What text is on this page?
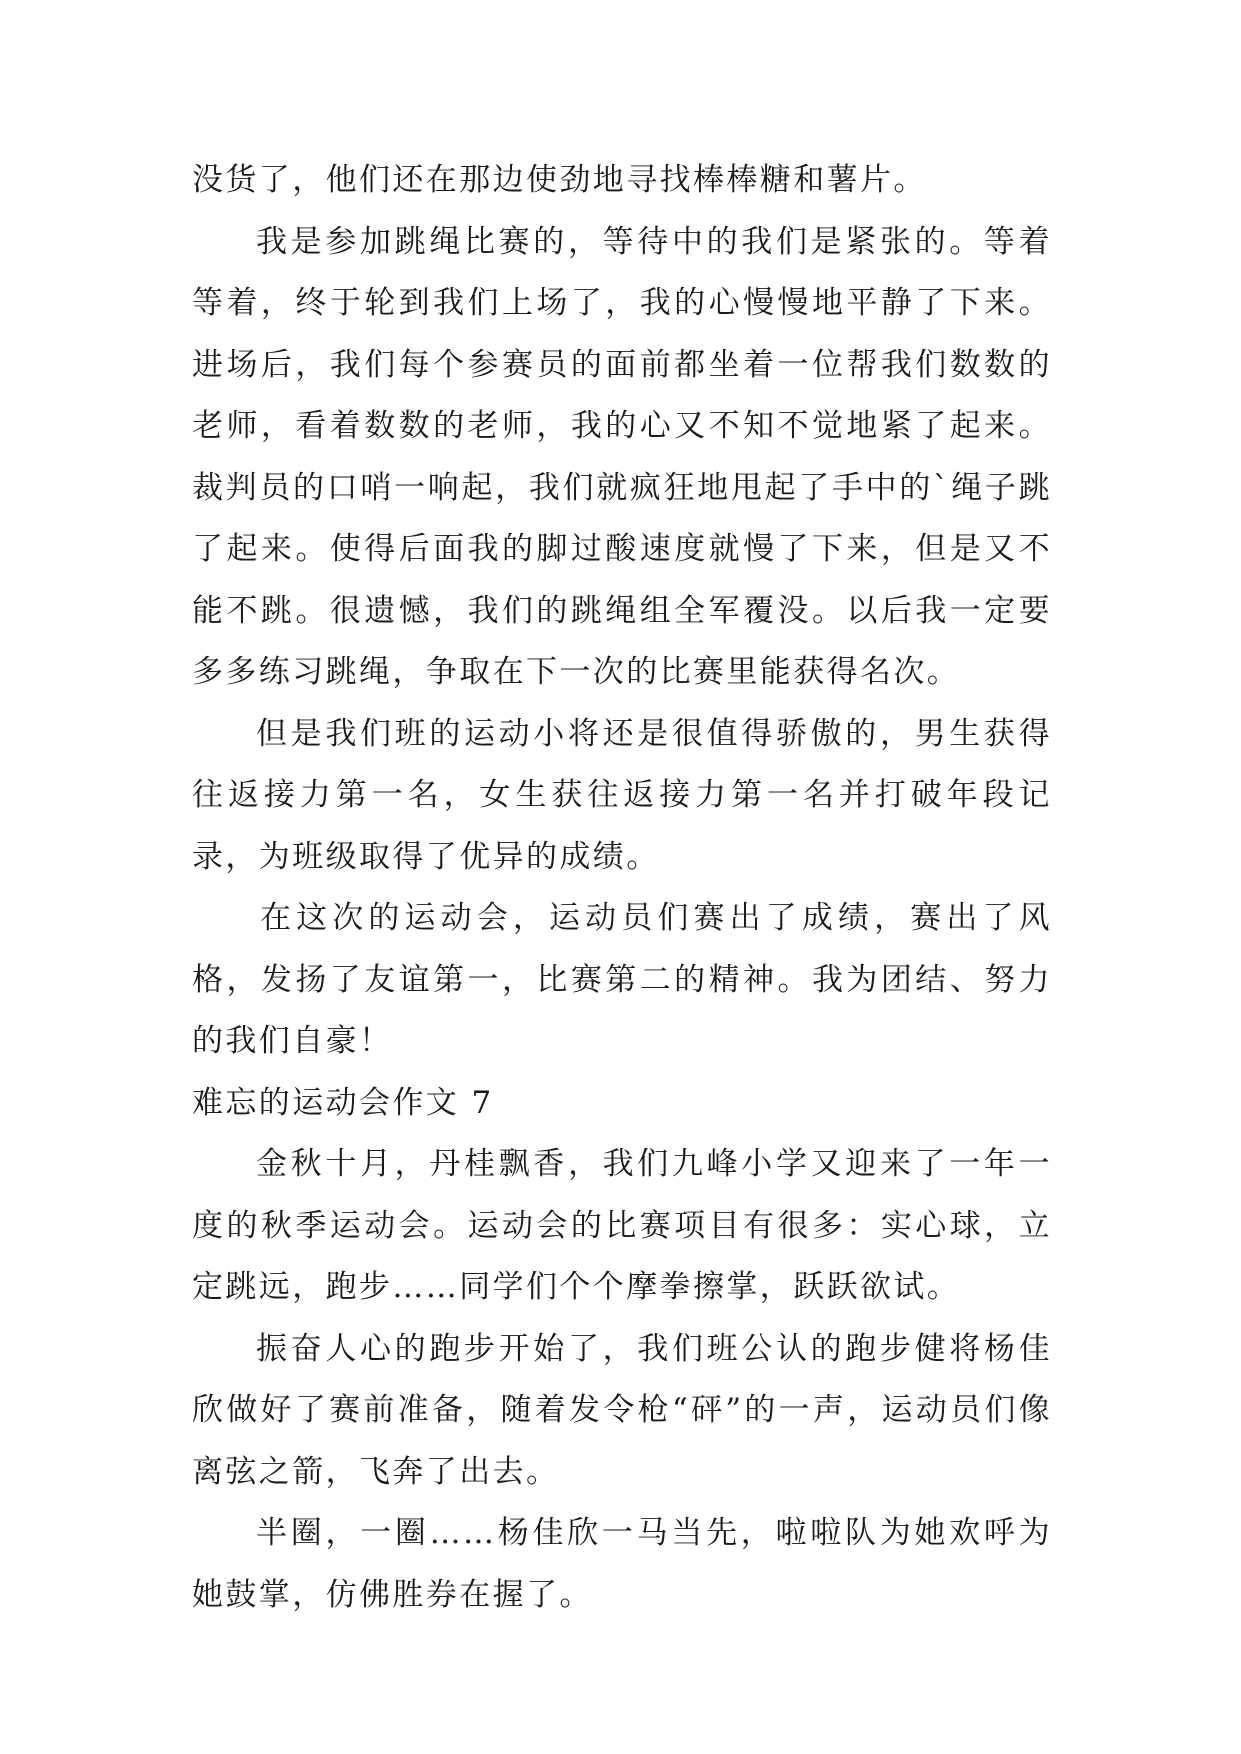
没货了，他们还在那边使劲地寻找棒棒糖和薯片。

我是参加跳绳比赛的，等待中的我们是紧张的。等着等着，终于轮到我们上场了，我的心慢慢地平静了下来。进场后，我们每个参赛员的面前都坐着一位帮我们数数的老师，看着数数的老师，我的心又不知不觉地紧了起来。裁判员的口哨一响起，我们就疯狂地甩起了手中的`绳子跳了起来。使得后面我的脚过酸速度就慢了下来，但是又不能不跳。很遗憾，我们的跳绳组全军覆没。以后我一定要多多练习跳绳，争取在下一次的比赛里能获得名次。

但是我们班的运动小将还是很值得骄傲的，男生获得往返接力第一名，女生获往返接力第一名并打破年段记录，为班级取得了优异的成绩。

在这次的运动会，运动员们赛出了成绩，赛出了风格，发扬了友谊第一，比赛第二的精神。我为团结、努力的我们自豪！

难忘的运动会作文 7

金秋十月，丹桂飘香，我们九峰小学又迎来了一年一度的秋季运动会。运动会的比赛项目有很多：实心球，立定跳远，跑步……同学们个个摩拳擦掌，跃跃欲试。

振奋人心的跑步开始了，我们班公认的跑步健将杨佳欣做好了赛前准备，随着发令枪“砰”的一声，运动员们像离弦之箭，飞奔了出去。

半圈，一圈……杨佳欣一马当先，啦啦队为她欢呼为她鼓掌，仿佛胜券在握了。
